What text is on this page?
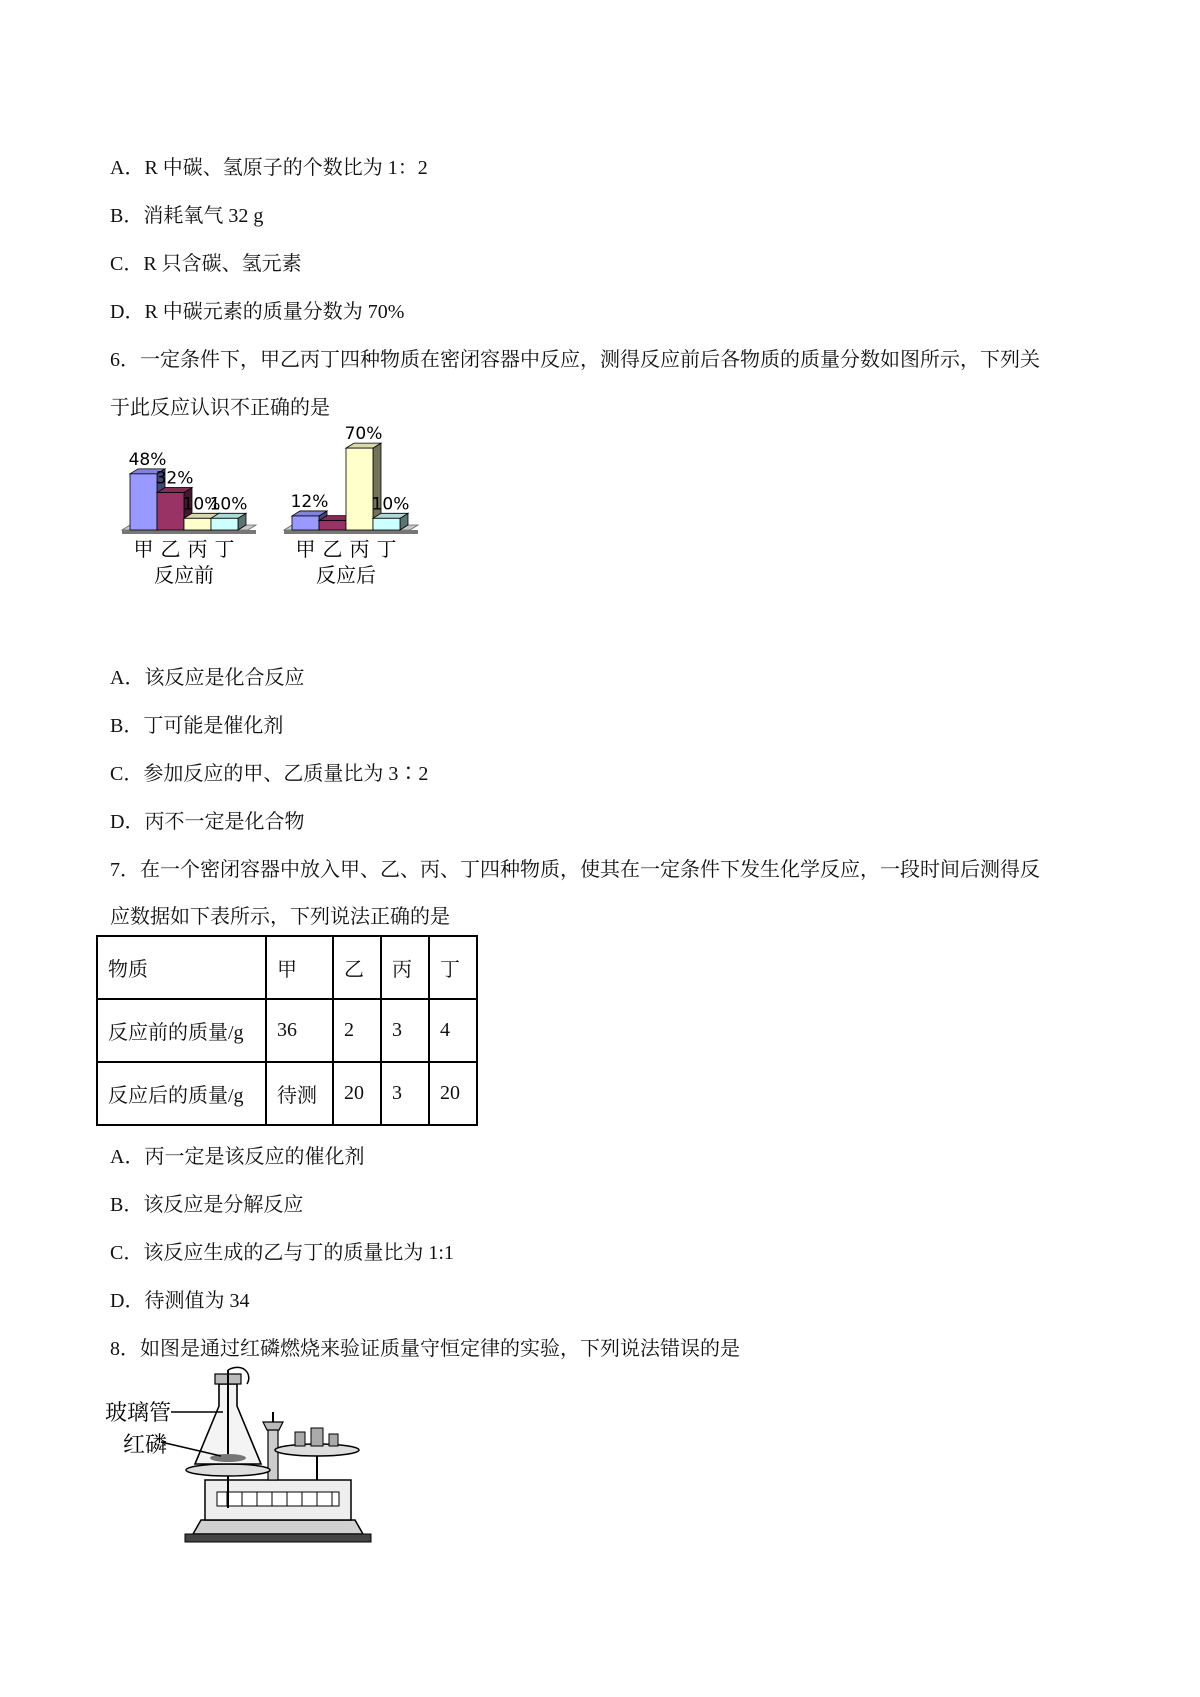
A．R 中碳、氢原子的个数比为 1：2
B．消耗氧气 32 g
C．R 只含碳、氢元素
D．R 中碳元素的质量分数为 70%
6．一定条件下，甲乙丙丁四种物质在密闭容器中反应，测得反应前后各物质的质量分数如图所示，下列关
于此反应认识不正确的是
48%
甲
32%
乙
10%
丙
10%
丁
反应前
12%
甲 乙
70%
丙
10%
丁
反应后
A．该反应是化合反应
B．丁可能是催化剂
C．参加反应的甲、乙质量比为 3∶2
D．丙不一定是化合物
7．在一个密闭容器中放入甲、乙、丙、丁四种物质，使其在一定条件下发生化学反应，一段时间后测得反
应数据如下表所示，下列说法正确的是
物质	甲	乙	丙	丁
反应前的质量/g	36	2	3	4
反应后的质量/g	待测	20	3	20
A．丙一定是该反应的催化剂
B．该反应是分解反应
C．该反应生成的乙与丁的质量比为 1:1
D．待测值为 34
8．如图是通过红磷燃烧来验证质量守恒定律的实验，下列说法错误的是
玻璃管
红磷
